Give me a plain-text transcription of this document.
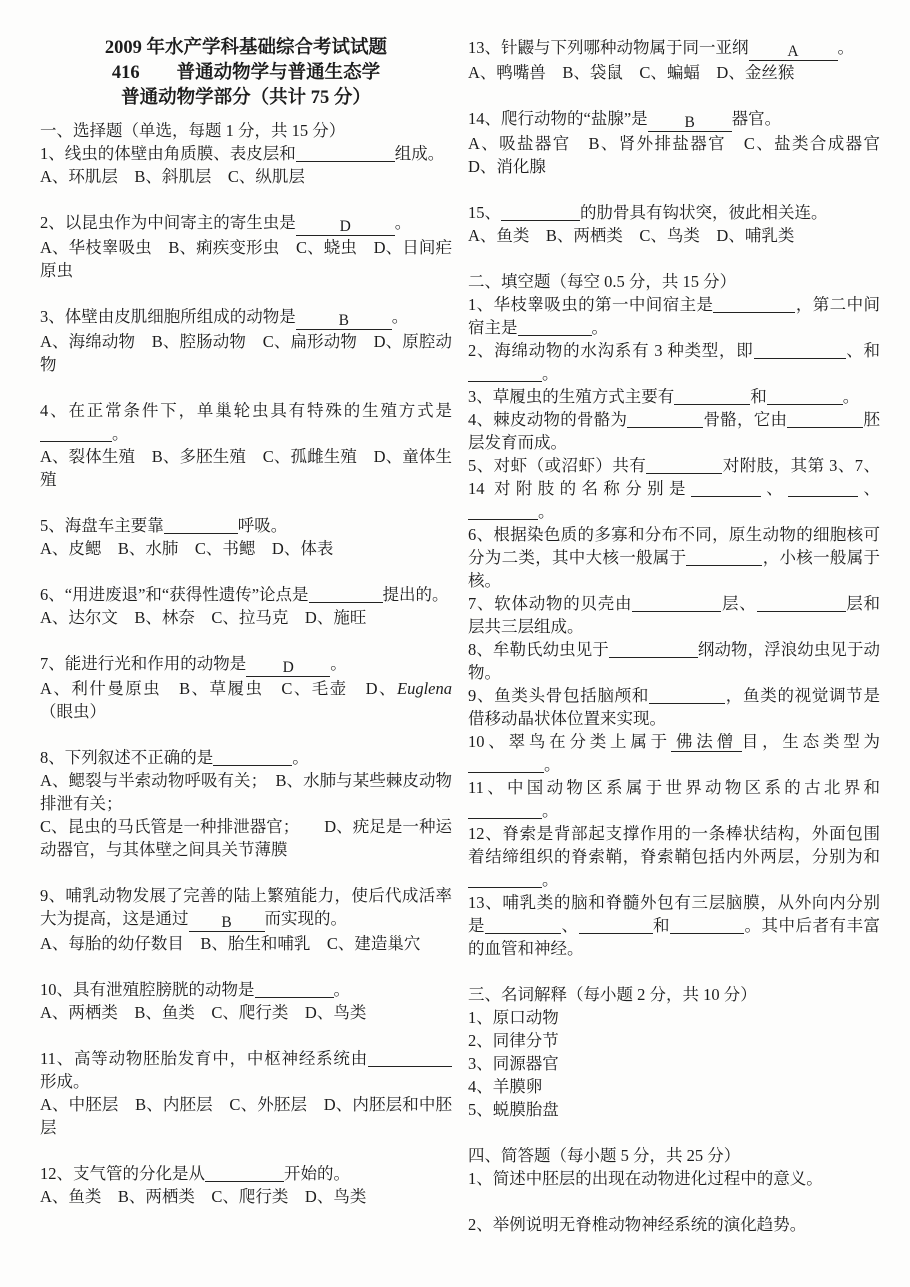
2009 年水产学科基础综合考试试题

416　　普通动物学与普通生态学

普通动物学部分（共计 75 分）

一、选择题（单选，每题 1 分，共 15 分）

1、线虫的体壁由角质膜、表皮层和	组成。

A、环肌层　B、斜肌层　C、纵肌层

2、以昆虫作为中间寄主的寄生虫是	D	。

A、华枝睾吸虫　B、痢疾变形虫　C、蛲虫　D、日间疟原虫

3、体壁由皮肌细胞所组成的动物是	B	。

A、海绵动物　B、腔肠动物　C、扁形动物　D、原腔动物

4、在正常条件下，单巢轮虫具有特殊的生殖方式是。

A、裂体生殖　B、多胚生殖　C、孤雌生殖　D、童体生殖

5、海盘车主要靠	呼吸。

A、皮鳃　B、水肺　C、书鳃　D、体表

6、“用进废退”和“获得性遗传”论点是	提出的。

A、达尔文　B、林奈　C、拉马克　D、施旺

7、能进行光和作用的动物是 D 。

A、利什曼原虫　B、草履虫　C、毛壶　D、Euglena（眼虫）

8、下列叙述不正确的是	。

A、鳃裂与半索动物呼吸有关；　B、水肺与某些棘皮动物排泄有关；

C、昆虫的马氏管是一种排泄器官；　　D、疣足是一种运动器官，与其体壁之间具关节薄膜

9、哺乳动物发展了完善的陆上繁殖能力，使后代成活率大为提高，这是通过 B 而实现的。

A、每胎的幼仔数目　B、胎生和哺乳　C、建造巢穴

10、具有泄殖腔膀胱的动物是	。

A、两栖类　B、鱼类　C、爬行类　D、鸟类

11、高等动物胚胎发育中，中枢神经系统由形成。

A、中胚层　B、内胚层　C、外胚层　D、内胚层和中胚层

12、支气管的分化是从	开始的。

A、鱼类　B、两栖类　C、爬行类　D、鸟类

13、针鼹与下列哪种动物属于同一亚纲	A 。

A、鸭嘴兽　B、袋鼠　C、蝙蝠　D、金丝猴

14、爬行动物的“盐腺”是 B 器官。

A、吸盐器官　B、肾外排盐器官　C、盐类合成器官　D、消化腺

15、	的肋骨具有钩状突，彼此相关连。

A、鱼类　B、两栖类　C、鸟类　D、哺乳类

二、填空题（每空 0.5 分，共 15 分）

1、华枝睾吸虫的第一中间宿主是	，第二中间宿主是	。

2、海绵动物的水沟系有 3 种类型，即	、和。

3、草履虫的生殖方式主要有	和	。

4、棘皮动物的骨骼为	骨骼，它由	胚层发育而成。

5、对虾（或沼虾）共有	对附肢，其第 3、7、14 对附肢的名称分别是	、	、。

6、根据染色质的多寡和分布不同，原生动物的细胞核可分为二类，其中大核一般属于	，小核一般属于核。

7、软体动物的贝壳由	层、	层和层共三层组成。

8、牟勒氏幼虫见于	纲动物，浮浪幼虫见于动物。

9、鱼类头骨包括脑颅和	，鱼类的视觉调节是借移动晶状体位置来实现。

10、翠鸟在分类上属于 佛法僧 目，生态类型为。

11、中国动物区系属于世界动物区系的古北界和。

12、脊索是背部起支撑作用的一条棒状结构，外面包围着结缔组织的脊索鞘，脊索鞘包括内外两层，分别为和。

13、哺乳类的脑和脊髓外包有三层脑膜，从外向内分别是	、	和	。其中后者有丰富的血管和神经。

三、名词解释（每小题 2 分，共 10 分）

1、原口动物

2、同律分节

3、同源器官

4、羊膜卵

5、蜕膜胎盘

四、简答题（每小题 5 分，共 25 分）

1、简述中胚层的出现在动物进化过程中的意义。

2、举例说明无脊椎动物神经系统的演化趋势。
